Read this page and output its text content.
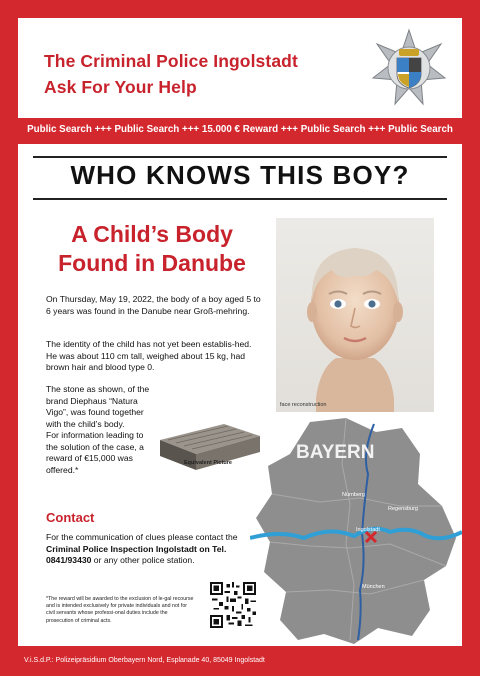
The Criminal Police Ingolstadt
Ask For Your Help
Public Search +++ Public Search +++ 15.000 € Reward +++ Public Search +++ Public Search
WHO KNOWS THIS BOY?
A Child’s Body
Found in Danube
face reconstruction
On Thursday, May 19, 2022, the body of a boy aged 5 to 6 years was found in the Danube near Groß-mehring.
The identity of the child has not yet been establis-hed. He was about 110 cm tall, weighed about 15 kg, had brown hair and blood type 0.
The stone as shown, of the brand Diephaus “Natura Vigo”, was found together with the child’s body.
For information leading to the solution of the case, a reward of €15,000 was offered.*
Equivalent Picture	BAYERN
Nürnberg
Regensburg
Ingolstadt
München
Contact
For the communication of clues please contact the Criminal Police Inspection Ingolstadt on Tel. 0841/93430 or any other police station.
*The reward will be awarded to the exclusion of le-gal recourse and is intended exclusively for private individuals and not for civil servants whose professi-onal duties include the prosecution of criminal acts.
V.i.S.d.P.: Polizeipräsidium Oberbayern Nord, Esplanade 40, 85049 Ingolstadt
